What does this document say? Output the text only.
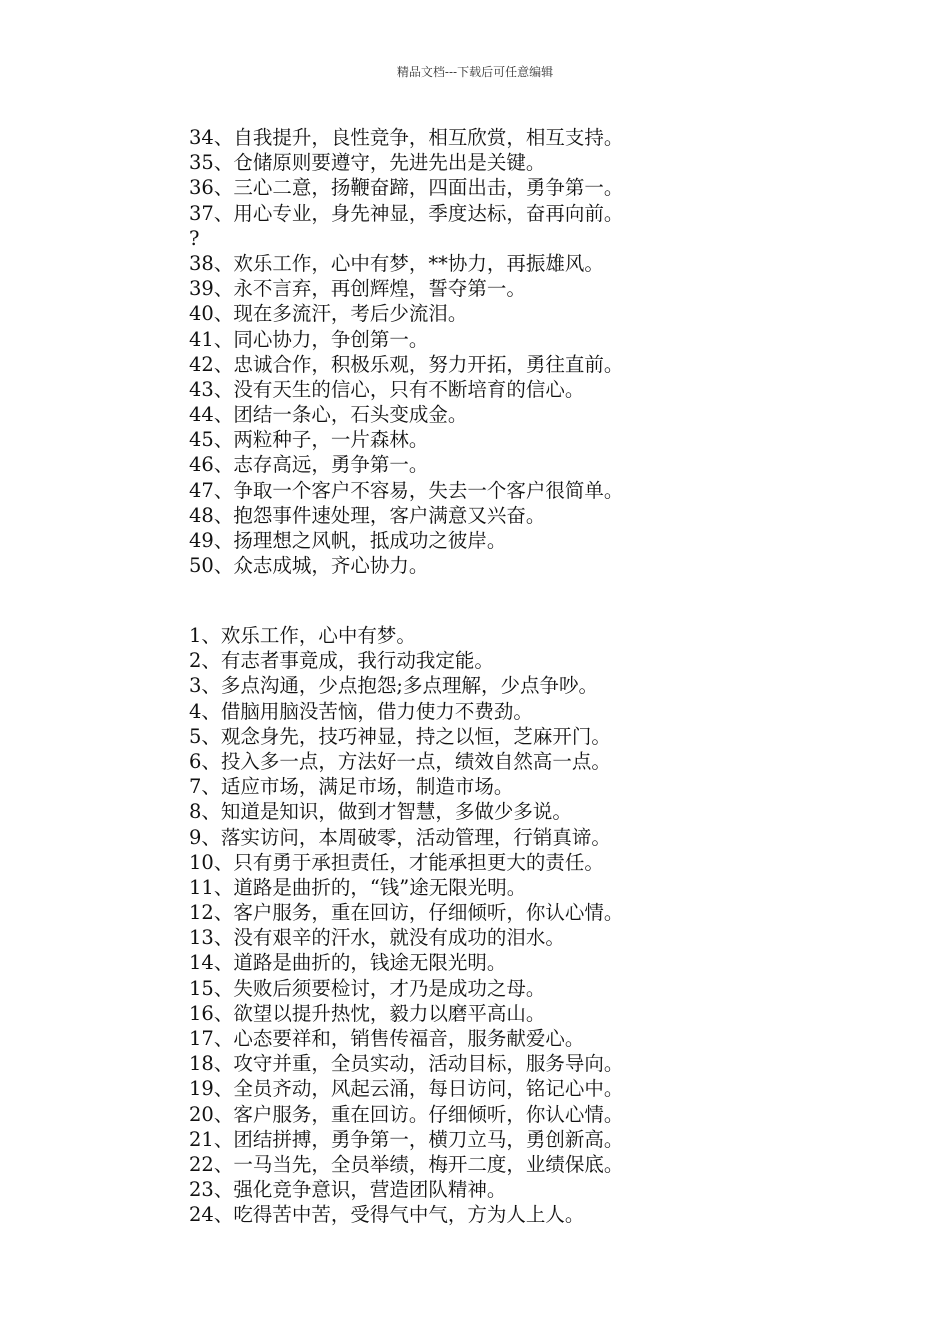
精品文档---下载后可任意编辑
34、自我提升，良性竞争，相互欣赏，相互支持。
35、仓储原则要遵守，先进先出是关键。
36、三心二意，扬鞭奋蹄，四面出击，勇争第一。
37、用心专业，身先神显，季度达标，奋再向前。
?
38、欢乐工作，心中有梦，**协力，再振雄风。
39、永不言弃，再创辉煌，誓夺第一。
40、现在多流汗，考后少流泪。
41、同心协力，争创第一。
42、忠诚合作，积极乐观，努力开拓，勇往直前。
43、没有天生的信心，只有不断培育的信心。
44、团结一条心，石头变成金。
45、两粒种子，一片森林。
46、志存高远，勇争第一。
47、争取一个客户不容易，失去一个客户很简单。
48、抱怨事件速处理，客户满意又兴奋。
49、扬理想之风帆，抵成功之彼岸。
50、众志成城，齐心协力。
1、欢乐工作，心中有梦。
2、有志者事竟成，我行动我定能。
3、多点沟通，少点抱怨;多点理解，少点争吵。
4、借脑用脑没苦恼，借力使力不费劲。
5、观念身先，技巧神显，持之以恒，芝麻开门。
6、投入多一点，方法好一点，绩效自然高一点。
7、适应市场，满足市场，制造市场。
8、知道是知识，做到才智慧，多做少多说。
9、落实访问，本周破零，活动管理，行销真谛。
10、只有勇于承担责任，才能承担更大的责任。
11、道路是曲折的，“钱”途无限光明。
12、客户服务，重在回访，仔细倾听，你认心情。
13、没有艰辛的汗水，就没有成功的泪水。
14、道路是曲折的，钱途无限光明。
15、失败后须要检讨，才乃是成功之母。
16、欲望以提升热忱，毅力以磨平高山。
17、心态要祥和，销售传福音，服务献爱心。
18、攻守并重，全员实动，活动目标，服务导向。
19、全员齐动，风起云涌，每日访问，铭记心中。
20、客户服务，重在回访。仔细倾听，你认心情。
21、团结拼搏，勇争第一，横刀立马，勇创新高。
22、一马当先，全员举绩，梅开二度，业绩保底。
23、强化竞争意识，营造团队精神。
24、吃得苦中苦，受得气中气，方为人上人。
